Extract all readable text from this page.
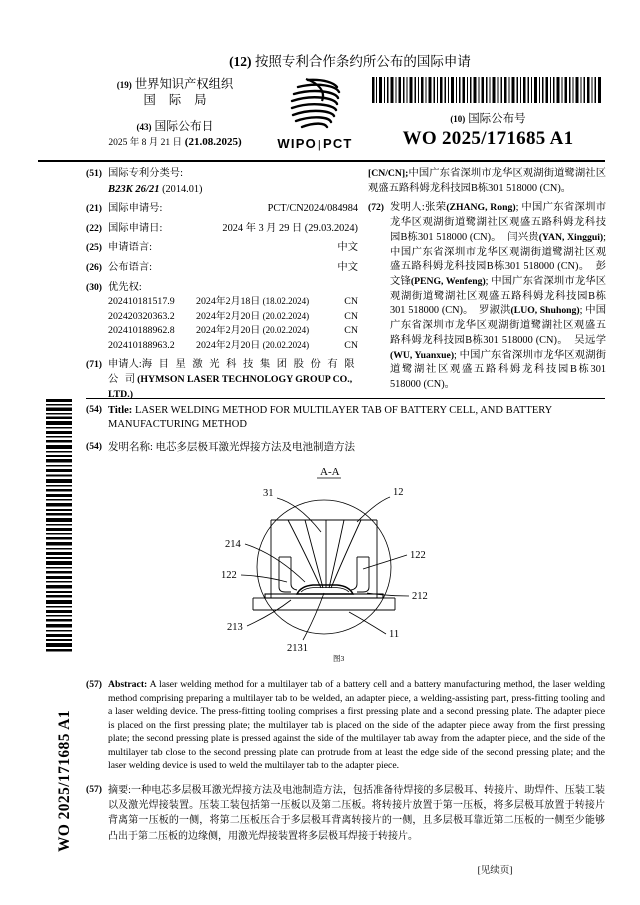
WO 2025/171685 A1
(12) 按照专利合作条约所公布的国际申请
(19) 世界知识产权组织
国 际 局
(43) 国际公布日
2025 年 8 月 21 日 (21.08.2025)	WIPO|PCT
(10) 国际公布号
WO 2025/171685 A1
(51) 国际专利分类号:
B23K 26/21 (2014.01)
(21) 国际申请号:	PCT/CN2024/084984
(22) 国际申请日:	2024 年 3 月 29 日 (29.03.2024)
(25) 申请语言:	中文
(26) 公布语言:	中文
(30) 优先权:
202410181517.9	2024年2月18日 (18.02.2024)	CN
202420320363.2	2024年2月20日 (20.02.2024)	CN
202410188962.8	2024年2月20日 (20.02.2024)	CN
202410188963.2	2024年2月20日 (20.02.2024)	CN
(71) 申请人:海 目 星 激 光 科 技 集 团 股 份 有 限 公 司(HYMSON LASER TECHNOLOGY GROUP CO., LTD.)

[CN/CN];中国广东省深圳市龙华区观湖街道鹭湖社区观盛五路科姆龙科技园B栋301 518000 (CN)。

(72) 发明人:张荣(ZHANG, Rong); 中国广东省深圳市龙华区观湖街道鹭湖社区观盛五路科姆龙科技园B栋301 518000 (CN)。 闫兴贵(YAN, Xinggui); 中国广东省深圳市龙华区观湖街道鹭湖社区观盛五路科姆龙科技园B栋301 518000 (CN)。 彭文锋(PENG, Wenfeng); 中国广东省深圳市龙华区观湖街道鹭湖社区观盛五路科姆龙科技园B栋301 518000 (CN)。 罗淑洪(LUO, Shuhong); 中国广东省深圳市龙华区观湖街道鹭湖社区观盛五路科姆龙科技园B栋301 518000 (CN)。 吴远学(WU, Yuanxue); 中国广东省深圳市龙华区观湖街道鹭湖社区观盛五路科姆龙科技园B栋301 518000 (CN)。

(54) Title: LASER WELDING METHOD FOR MULTILAYER TAB OF BATTERY CELL, AND BATTERY MANUFACTURING METHOD
(54) 发明名称: 电芯多层极耳激光焊接方法及电池制造方法
A-A
31	12
214
122
122
212
213
2131
11
图3
(57) Abstract: A laser welding method for a multilayer tab of a battery cell and a battery manufacturing method, the laser welding method comprising preparing a multilayer tab to be welded, an adapter piece, a welding-assisting part, press-fitting tooling and a laser welding device. The press-fitting tooling comprises a first pressing plate and a second pressing plate. The adapter piece is placed on the first pressing plate; the multilayer tab is placed on the side of the adapter piece away from the first pressing plate; the second pressing plate is pressed against the side of the multilayer tab away from the adapter piece, and the side of the multilayer tab close to the second pressing plate can protrude from at least the edge side of the second pressing plate; and the laser welding device is used to weld the multilayer tab to the adapter piece.

(57) 摘要:一种电芯多层极耳激光焊接方法及电池制造方法，包括准备待焊接的多层极耳、转接片、助焊件、压装工装以及激光焊接装置。压装工装包括第一压板以及第二压板。将转接片放置于第一压板，将多层极耳放置于转接片背离第一压板的一侧，将第二压板压合于多层极耳背离转接片的一侧，且多层极耳靠近第二压板的一侧至少能够凸出于第二压板的边缘侧，用激光焊接装置将多层极耳焊接于转接片。

[见续页]
